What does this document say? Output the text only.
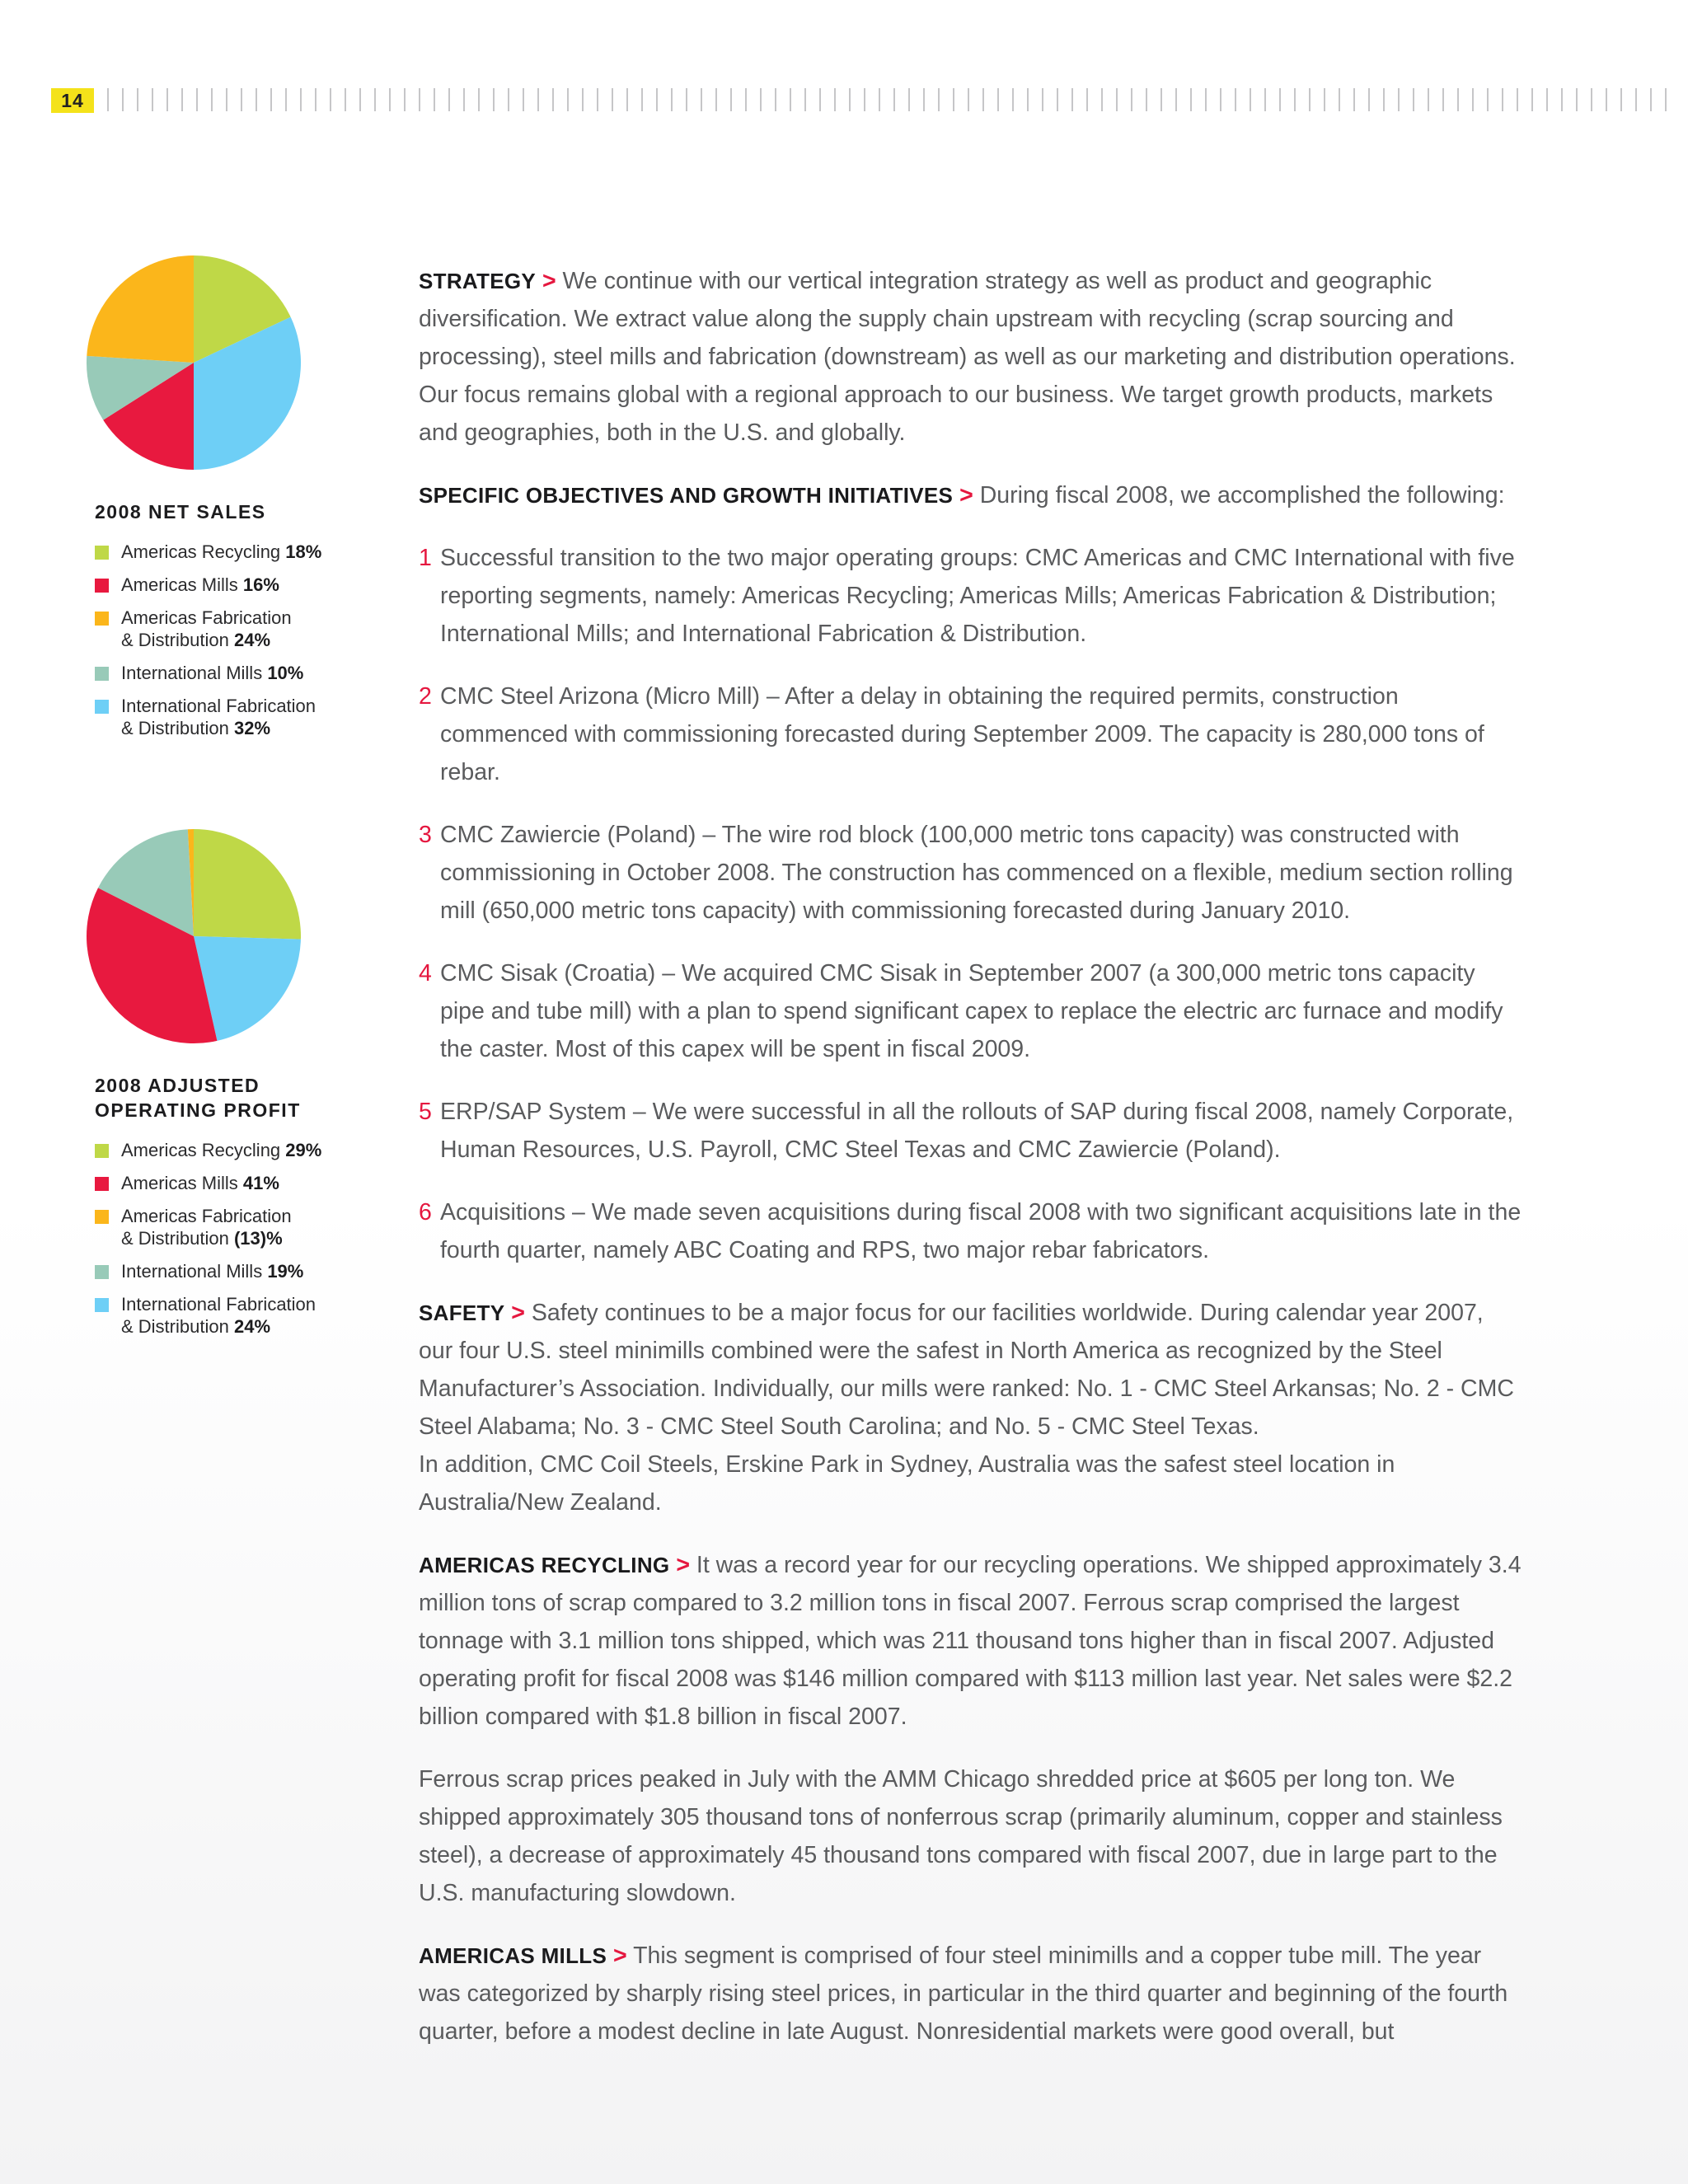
14
2008 NET SALES
Americas Recycling 18%
Americas Mills 16%
Americas Fabrication
& Distribution 24%
International Mills 10%
International Fabrication
& Distribution 32%
2008 ADJUSTED
OPERATING PROFIT
Americas Recycling 29%
Americas Mills 41%
Americas Fabrication
& Distribution (13)%
International Mills 19%
International Fabrication
& Distribution 24%

STRATEGY > We continue with our vertical integration strategy as well as product and geographic diversification. We extract value along the supply chain upstream with recycling (scrap sourcing and processing), steel mills and fabrication (downstream) as well as our marketing and distribution operations. Our focus remains global with a regional approach to our business. We target growth products, markets and geographies, both in the U.S. and globally.

SPECIFIC OBJECTIVES AND GROWTH INITIATIVES > During fiscal 2008, we accomplished the following:

1 Successful transition to the two major operating groups: CMC Americas and CMC International with five reporting segments, namely: Americas Recycling; Americas Mills; Americas Fabrication & Distribution; International Mills; and International Fabrication & Distribution.

2 CMC Steel Arizona (Micro Mill) – After a delay in obtaining the required permits, construction commenced with commissioning forecasted during September 2009. The capacity is 280,000 tons of rebar.

3 CMC Zawiercie (Poland) – The wire rod block (100,000 metric tons capacity) was constructed with commissioning in October 2008. The construction has commenced on a flexible, medium section rolling mill (650,000 metric tons capacity) with commissioning forecasted during January 2010.

4 CMC Sisak (Croatia) – We acquired CMC Sisak in September 2007 (a 300,000 metric tons capacity pipe and tube mill) with a plan to spend significant capex to replace the electric arc furnace and modify the caster. Most of this capex will be spent in fiscal 2009.

5 ERP/SAP System – We were successful in all the rollouts of SAP during fiscal 2008, namely Corporate, Human Resources, U.S. Payroll, CMC Steel Texas and CMC Zawiercie (Poland).

6 Acquisitions – We made seven acquisitions during fiscal 2008 with two significant acquisitions late in the fourth quarter, namely ABC Coating and RPS, two major rebar fabricators.

SAFETY > Safety continues to be a major focus for our facilities worldwide. During calendar year 2007, our four U.S. steel minimills combined were the safest in North America as recognized by the Steel Manufacturer’s Association. Individually, our mills were ranked: No. 1 - CMC Steel Arkansas; No. 2 - CMC Steel Alabama; No. 3 - CMC Steel South Carolina; and No. 5 - CMC Steel Texas.
In addition, CMC Coil Steels, Erskine Park in Sydney, Australia was the safest steel location in Australia/New Zealand.

AMERICAS RECYCLING > It was a record year for our recycling operations. We shipped approximately 3.4 million tons of scrap compared to 3.2 million tons in fiscal 2007. Ferrous scrap comprised the largest tonnage with 3.1 million tons shipped, which was 211 thousand tons higher than in fiscal 2007. Adjusted operating profit for fiscal 2008 was $146 million compared with $113 million last year. Net sales were $2.2 billion compared with $1.8 billion in fiscal 2007.

Ferrous scrap prices peaked in July with the AMM Chicago shredded price at $605 per long ton. We shipped approximately 305 thousand tons of nonferrous scrap (primarily aluminum, copper and stainless steel), a decrease of approximately 45 thousand tons compared with fiscal 2007, due in large part to the U.S. manufacturing slowdown.

AMERICAS MILLS > This segment is comprised of four steel minimills and a copper tube mill. The year was categorized by sharply rising steel prices, in particular in the third quarter and beginning of the fourth quarter, before a modest decline in late August. Nonresidential markets were good overall, but
